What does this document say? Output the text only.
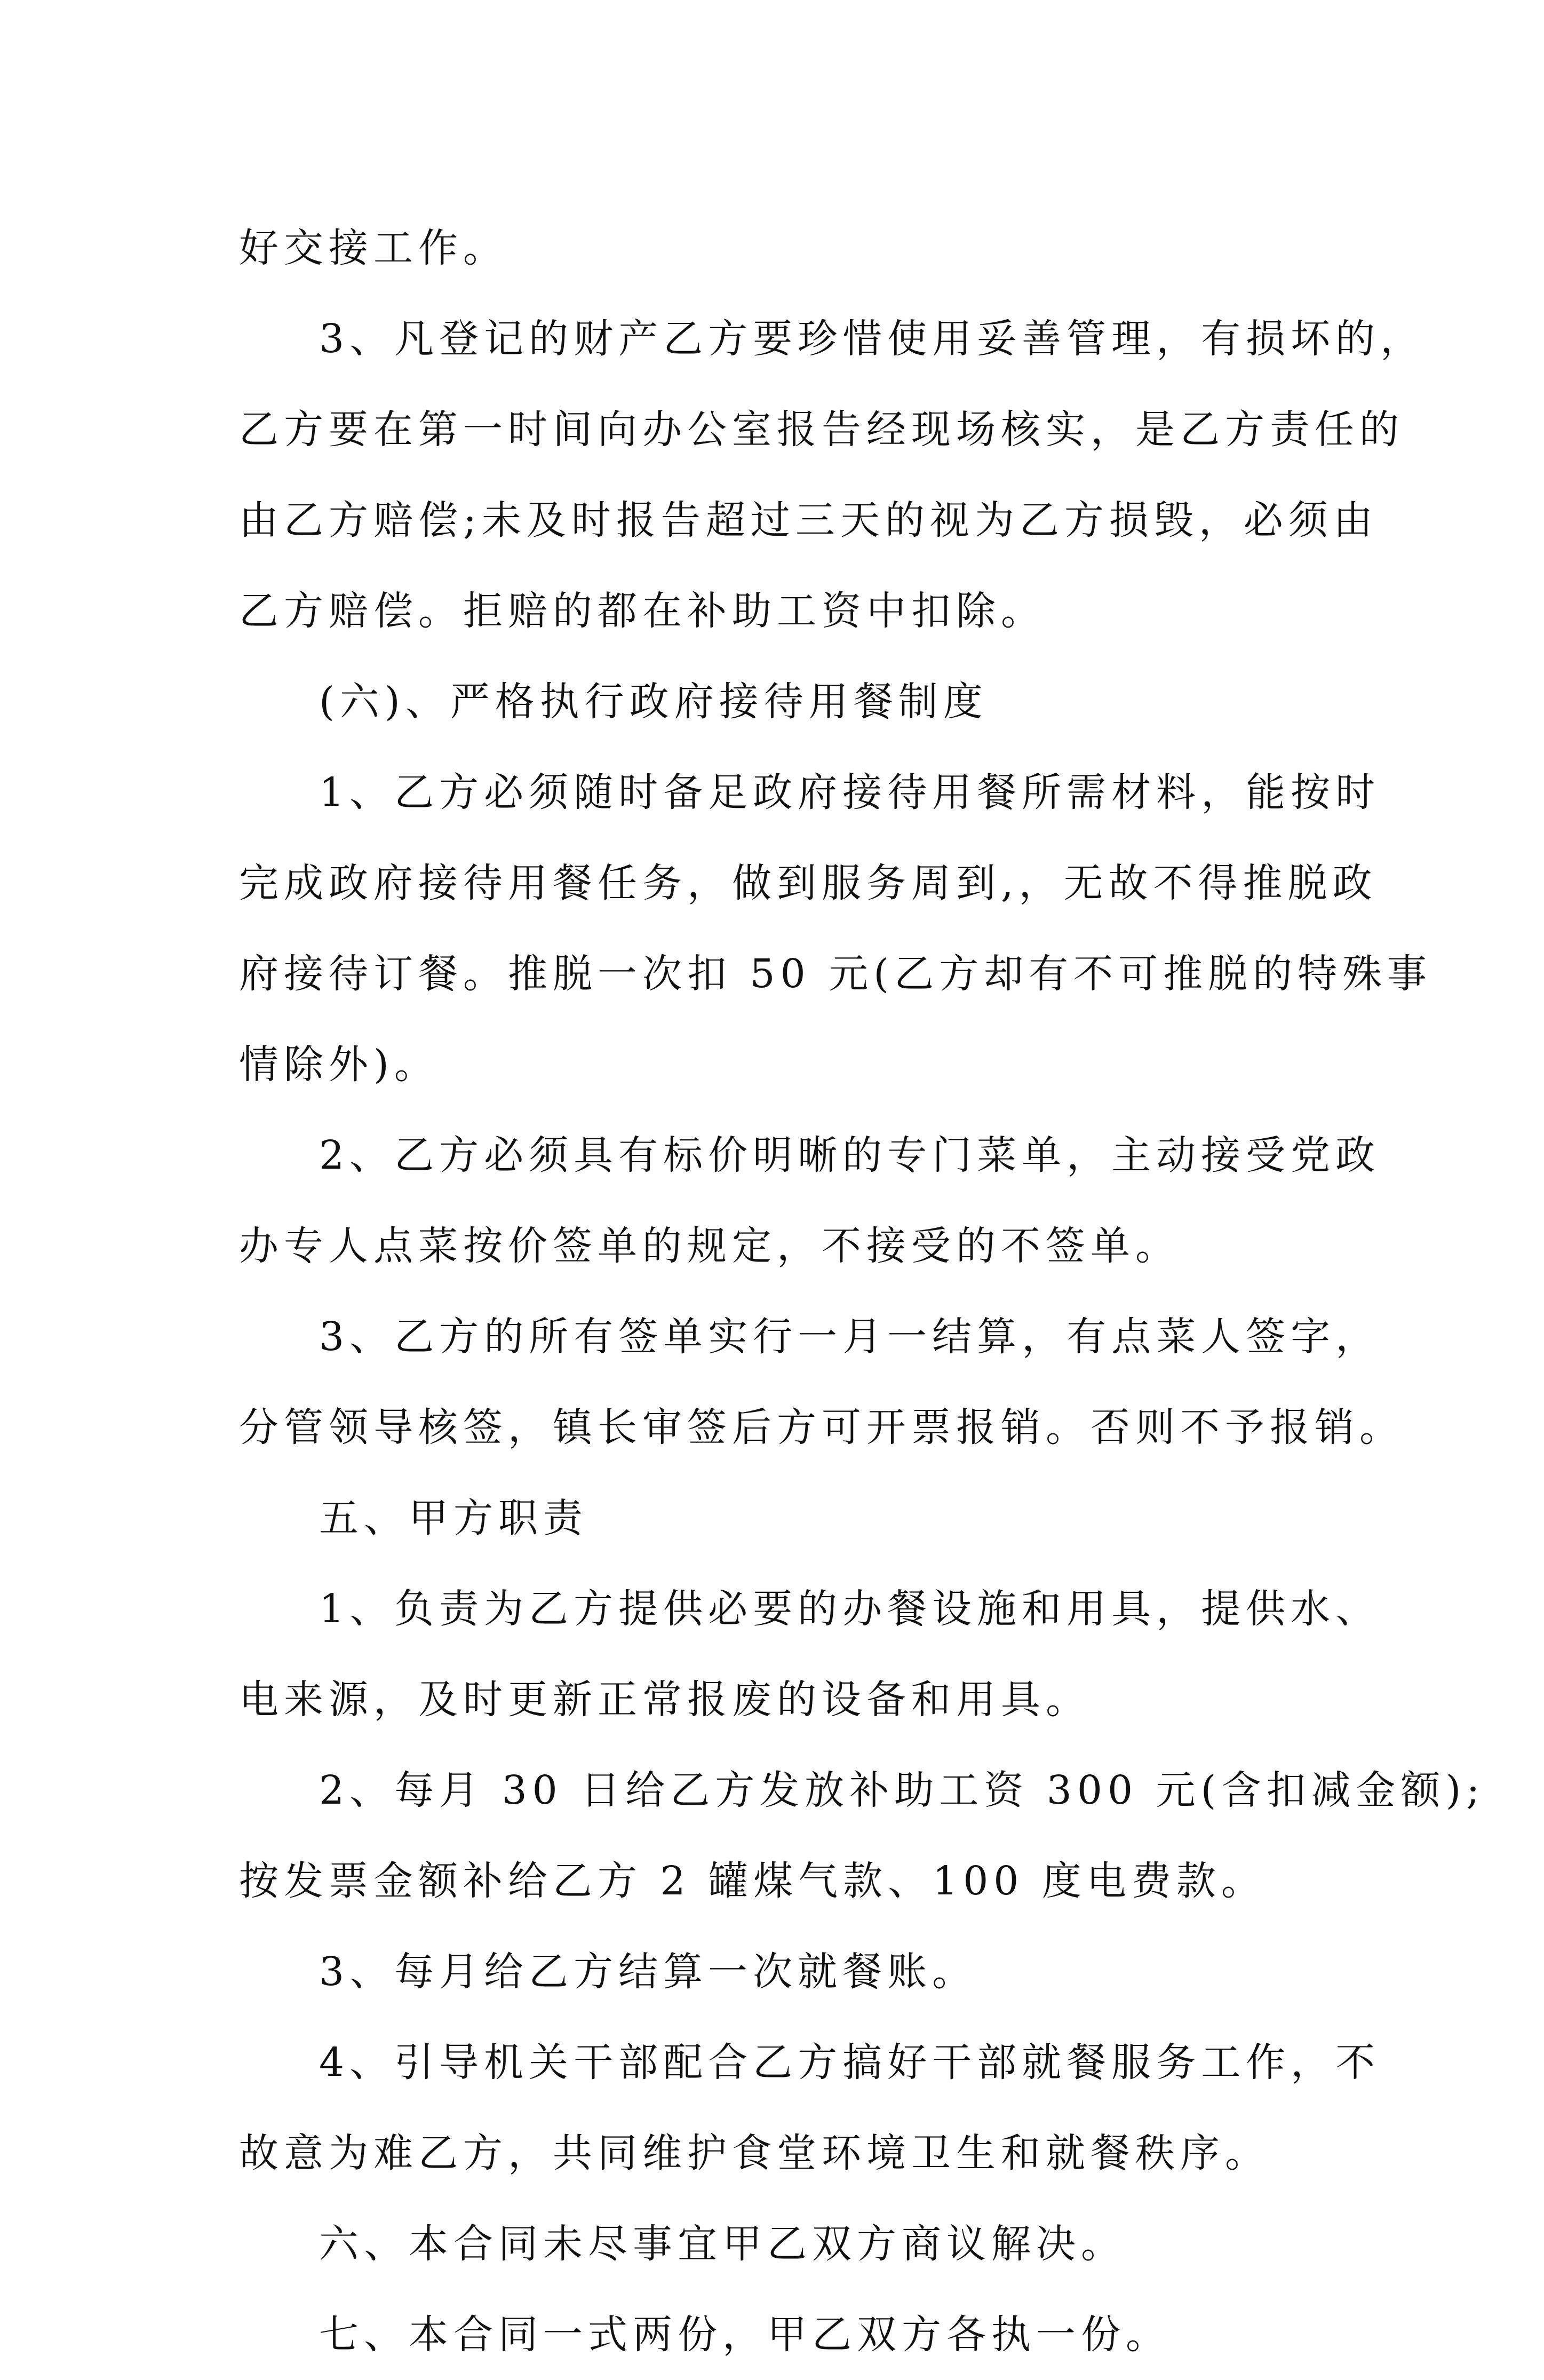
好交接工作。
3、凡登记的财产乙方要珍惜使用妥善管理，有损坏的，
乙方要在第一时间向办公室报告经现场核实，是乙方责任的
由乙方赔偿;未及时报告超过三天的视为乙方损毁，必须由
乙方赔偿。拒赔的都在补助工资中扣除。
(六)、严格执行政府接待用餐制度
1、乙方必须随时备足政府接待用餐所需材料，能按时
完成政府接待用餐任务，做到服务周到,，无故不得推脱政
府接待订餐。推脱一次扣 50 元(乙方却有不可推脱的特殊事
情除外)。
2、乙方必须具有标价明晰的专门菜单，主动接受党政
办专人点菜按价签单的规定，不接受的不签单。
3、乙方的所有签单实行一月一结算，有点菜人签字，
分管领导核签，镇长审签后方可开票报销。否则不予报销。
五、甲方职责
1、负责为乙方提供必要的办餐设施和用具，提供水、
电来源，及时更新正常报废的设备和用具。
2、每月 30 日给乙方发放补助工资 300 元(含扣减金额);
按发票金额补给乙方 2 罐煤气款、100 度电费款。
3、每月给乙方结算一次就餐账。
4、引导机关干部配合乙方搞好干部就餐服务工作，不
故意为难乙方，共同维护食堂环境卫生和就餐秩序。
六、本合同未尽事宜甲乙双方商议解决。
七、本合同一式两份，甲乙双方各执一份。
